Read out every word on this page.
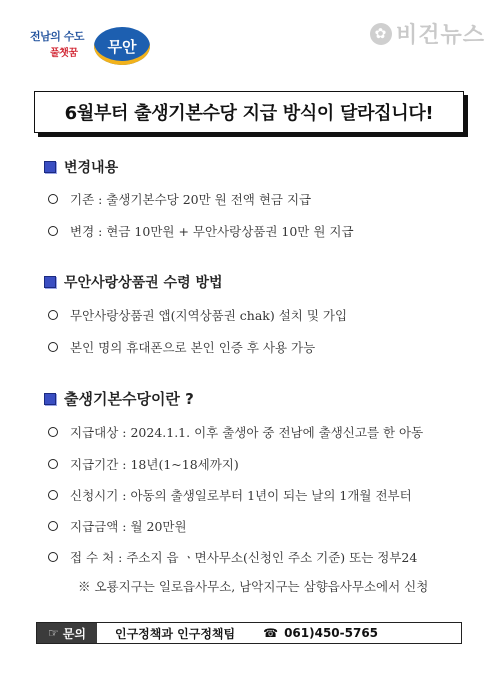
전남의 수도
풀챗꿈	무안
✿ 비건뉴스
6월부터 출생기본수당 지급 방식이 달라집니다!
변경내용
기존 : 출생기본수당 20만 원 전액 현금 지급
변경 : 현금 10만원 + 무안사랑상품권 10만 원 지급
무안사랑상품권 수령 방법
무안사랑상품권 앱(지역상품권 chak) 설치 및 가입
본인 명의 휴대폰으로 본인 인증 후 사용 가능
출생기본수당이란 ?
지급대상 : 2024.1.1. 이후 출생아 중 전남에 출생신고를 한 아동
지급기간 : 18년(1~18세까지)
신청시기 : 아동의 출생일로부터 1년이 되는 날의 1개월 전부터
지급금액 : 월 20만원
접 수 처 : 주소지 읍 ㆍ면사무소(신청인 주소 기준) 또는 정부24
※ 오룡지구는 일로읍사무소, 남악지구는 삼향읍사무소에서 신청
☞ 문의 인구정책과 인구정책팀 ☎ 061)450-5765
